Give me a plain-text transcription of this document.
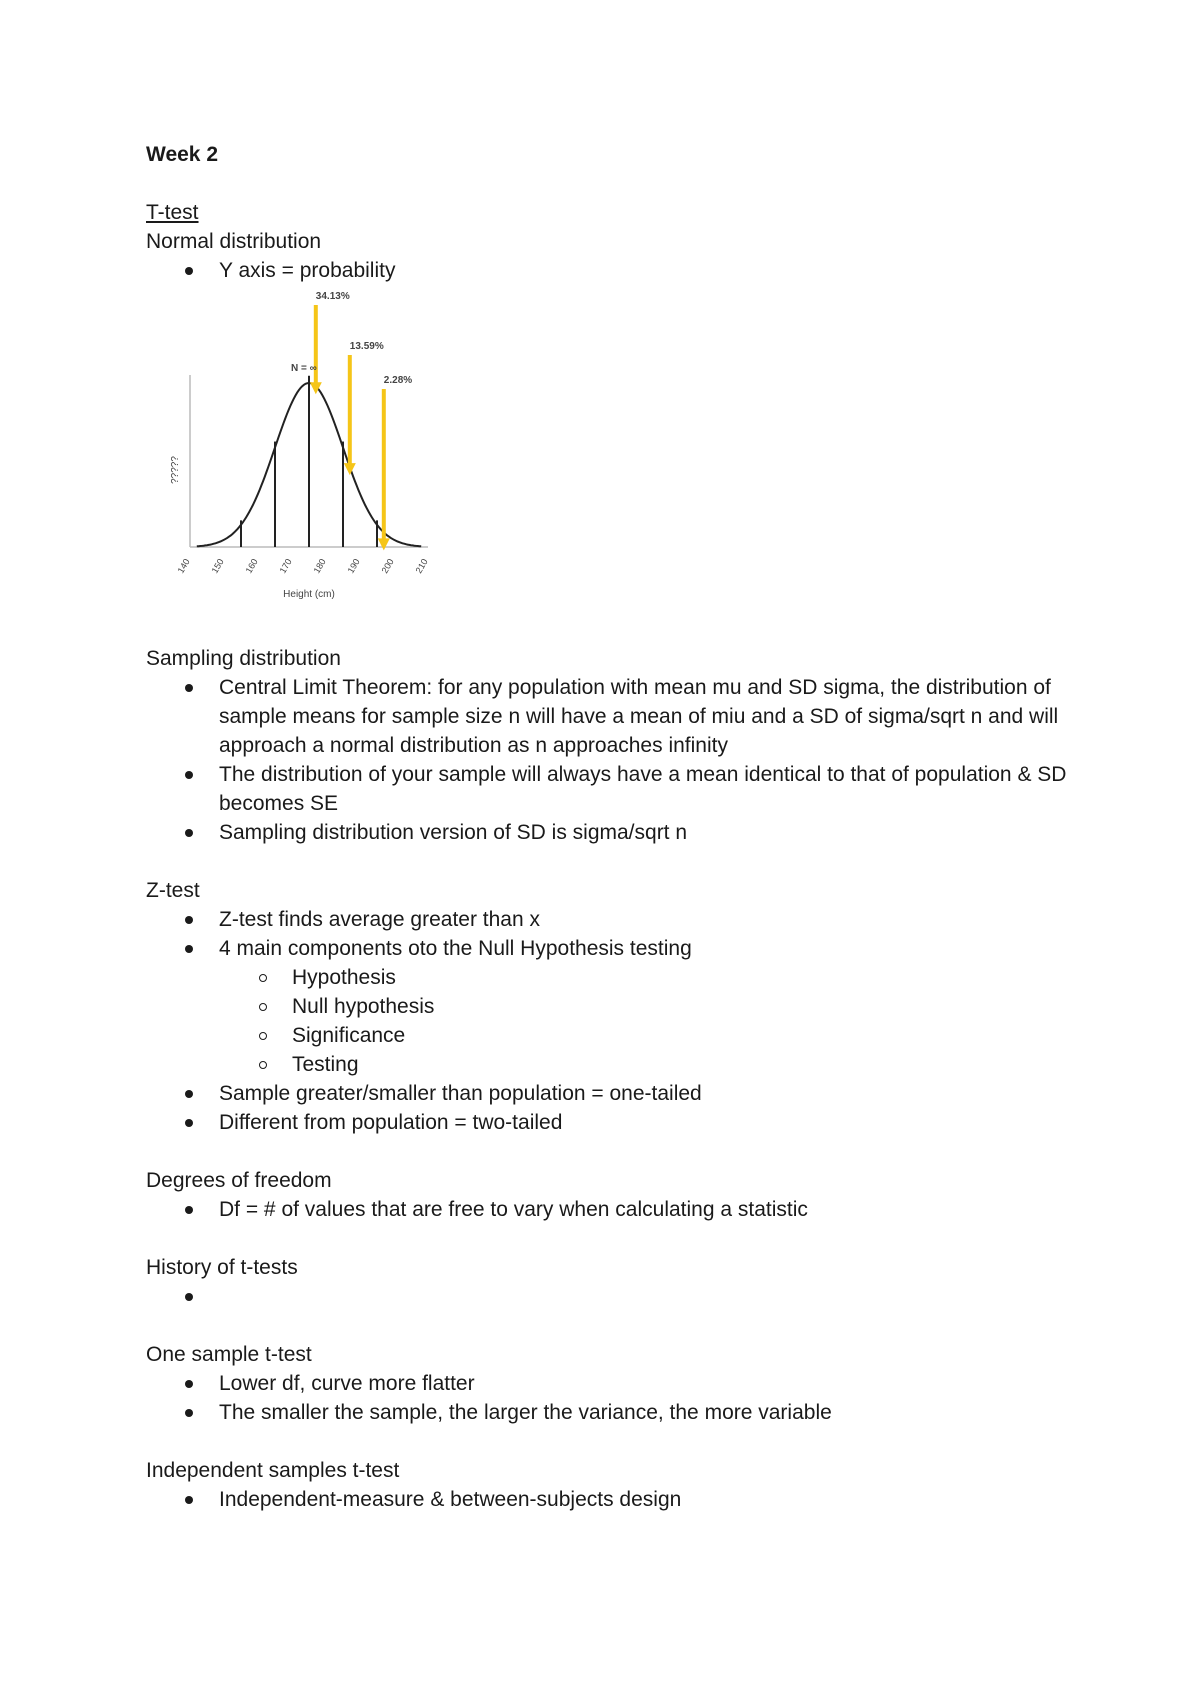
Week 2

T-test

Normal distribution

Y axis = probability
34.13%
13.59%
2.28%
N = ∞
140 150 160 170 180 190 200 210
Height (cm)
?????

Sampling distribution

Central Limit Theorem: for any population with mean mu and SD sigma, the distribution of sample means for sample size n will have a mean of miu and a SD of sigma/sqrt n and will approach a normal distribution as n approaches infinity
The distribution of your sample will always have a mean identical to that of population & SD becomes SE
Sampling distribution version of SD is sigma/sqrt n

Z-test

Z-test finds average greater than x
4 main components oto the Null Hypothesis testing
Hypothesis
Null hypothesis
Significance
Testing
Sample greater/smaller than population = one-tailed
Different from population = two-tailed

Degrees of freedom

Df = # of values that are free to vary when calculating a statistic

History of t-tests

One sample t-test

Lower df, curve more flatter
The smaller the sample, the larger the variance, the more variable

Independent samples t-test

Independent-measure & between-subjects design
